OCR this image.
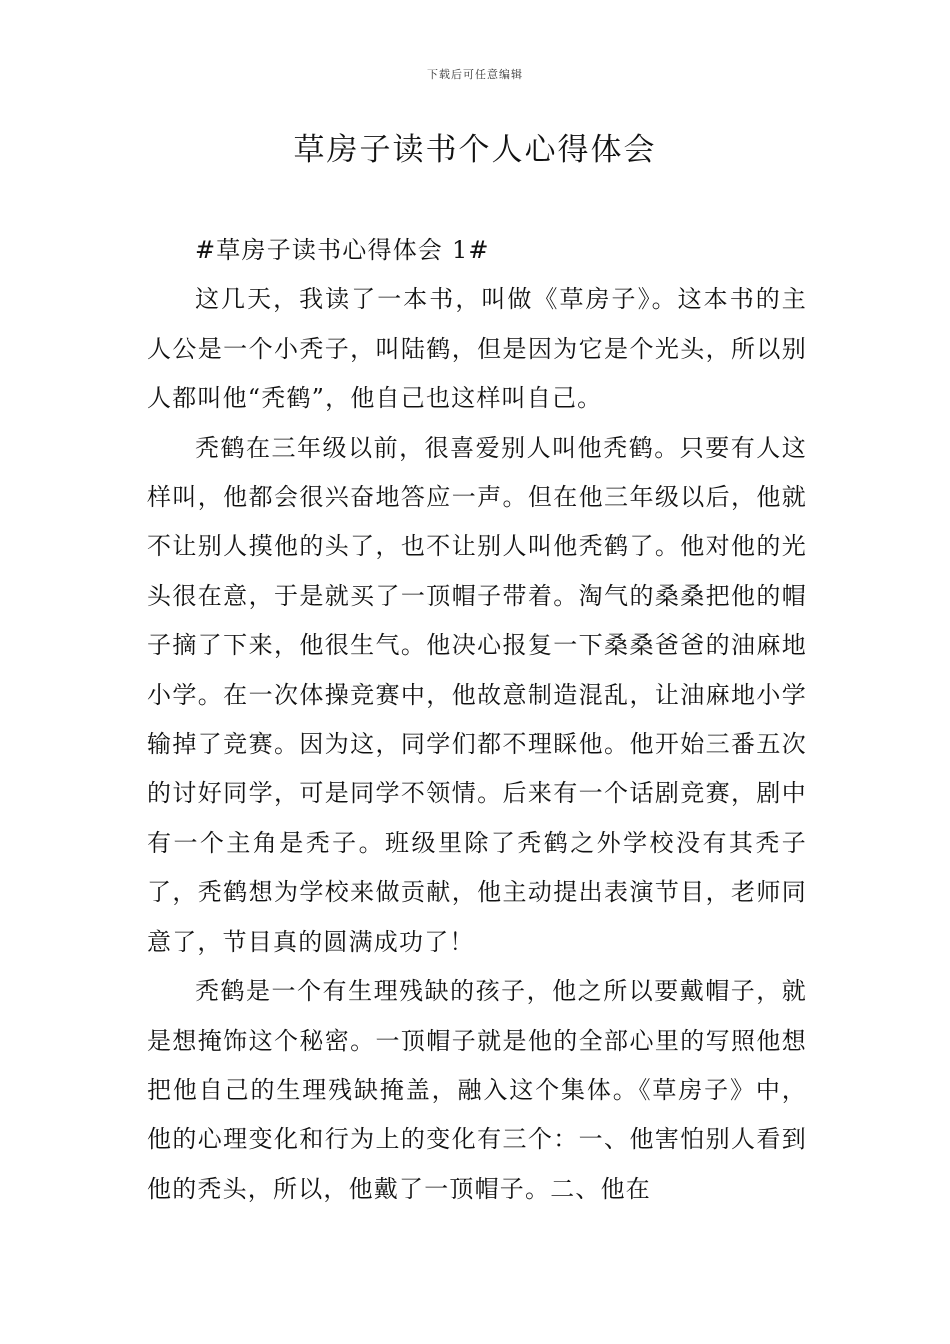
下载后可任意编辑
草房子读书个人心得体会

#草房子读书心得体会 1#

这几天，我读了一本书，叫做《草房子》。这本书的主人公是一个小秃子，叫陆鹤，但是因为它是个光头，所以别人都叫他“秃鹤”，他自己也这样叫自己。

秃鹤在三年级以前，很喜爱别人叫他秃鹤。只要有人这样叫，他都会很兴奋地答应一声。但在他三年级以后，他就不让别人摸他的头了，也不让别人叫他秃鹤了。他对他的光头很在意，于是就买了一顶帽子带着。淘气的桑桑把他的帽子摘了下来，他很生气。他决心报复一下桑桑爸爸的油麻地小学。在一次体操竞赛中，他故意制造混乱，让油麻地小学输掉了竞赛。因为这，同学们都不理睬他。他开始三番五次的讨好同学，可是同学不领情。后来有一个话剧竞赛，剧中有一个主角是秃子。班级里除了秃鹤之外学校没有其秃子了，秃鹤想为学校来做贡献，他主动提出表演节目，老师同意了，节目真的圆满成功了！

秃鹤是一个有生理残缺的孩子，他之所以要戴帽子，就是想掩饰这个秘密。一顶帽子就是他的全部心里的写照他想把他自己的生理残缺掩盖，融入这个集体。《草房子》中，他的心理变化和行为上的变化有三个：一、他害怕别人看到他的秃头，所以，他戴了一顶帽子。二、他在
